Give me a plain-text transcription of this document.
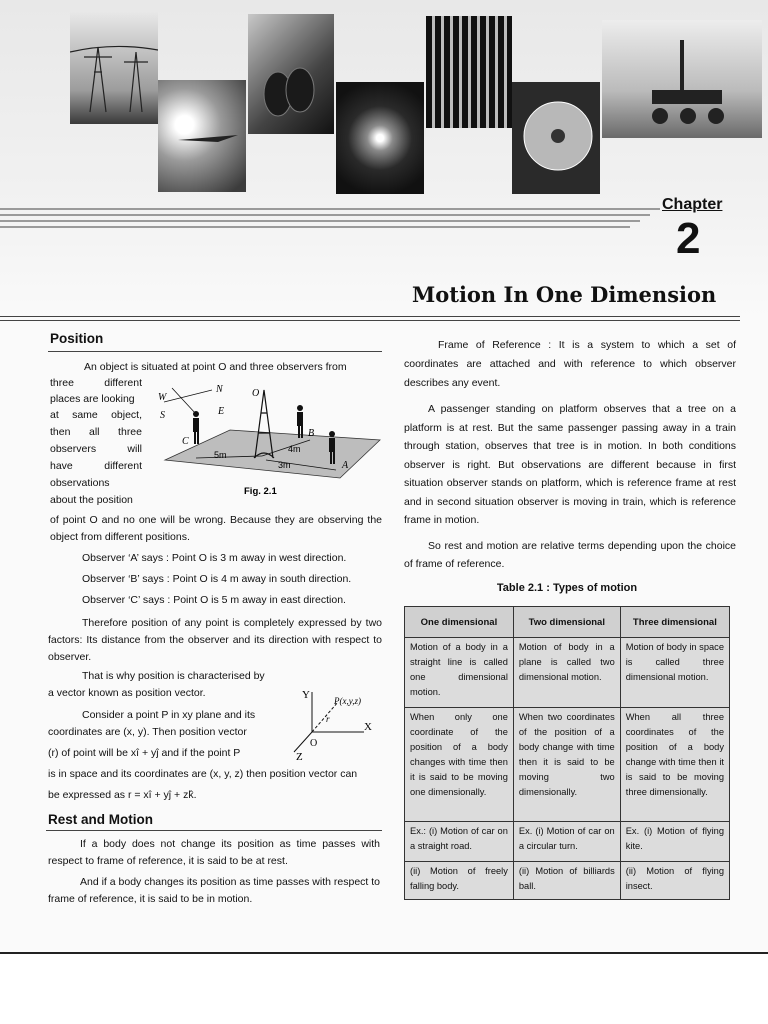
Chapter
2
Motion In One Dimension
Position
An object is situated at point O and three observers from
three different
places are looking
at same object,
then all three
observers will
have different
observations
about the position
of point O and no one will be wrong. Because they are observing the object from different positions.
W
N
S	E
O
C
B
A
5m
4m
3m
Fig. 2.1
Observer ‘A’ says : Point O is 3 m away in west direction.
Observer ‘B’ says : Point O is 4 m away in south direction.
Observer ‘C’ says : Point O is 5 m away in east direction.
Therefore position of any point is completely expressed by two factors: Its distance from the observer and its direction with respect to observer.
That is why position is characterised by
a vector known as position vector.
Consider a point P in xy plane and its
coordinates are (x, y). Then position vector
(r) of point will be xî + yĵ and if the point P
Y
X
Z
O
P(x,y,z)
r
is in space and its coordinates are (x, y, z) then position vector can
be expressed as r = xî + yĵ + zk̂.
Rest and Motion
If a body does not change its position as time passes with respect to frame of reference, it is said to be at rest.
And if a body changes its position as time passes with respect to frame of reference, it is said to be in motion.
Frame of Reference : It is a system to which a set of coordinates are attached and with reference to which observer describes any event.
A passenger standing on platform observes that a tree on a platform is at rest. But the same passenger passing away in a train through station, observes that tree is in motion. In both conditions observer is right. But observations are different because in first situation observer stands on platform, which is reference frame at rest and in second situation observer is moving in train, which is reference frame in motion.
So rest and motion are relative terms depending upon the choice of frame of reference.
Table 2.1 : Types of motion
One dimensional	Two dimensional	Three dimensional
Motion of a body in a straight line is called one dimensional motion.	Motion of body in a plane is called two dimensional motion.	Motion of body in space is called three dimensional motion.
When only one coordinate of the position of a body changes with time then it is said to be moving one dimensionally.	When two coordinates of the position of a body change with time then it is said to be moving two dimensionally.	When all three coordinates of the position of a body change with time then it is said to be moving three dimensionally.
Ex.: (i) Motion of car on a straight road.	Ex. (i) Motion of car on a circular turn.	Ex. (i) Motion of flying kite.
(ii) Motion of freely falling body.	(ii) Motion of billiards ball.	(ii) Motion of flying insect.
